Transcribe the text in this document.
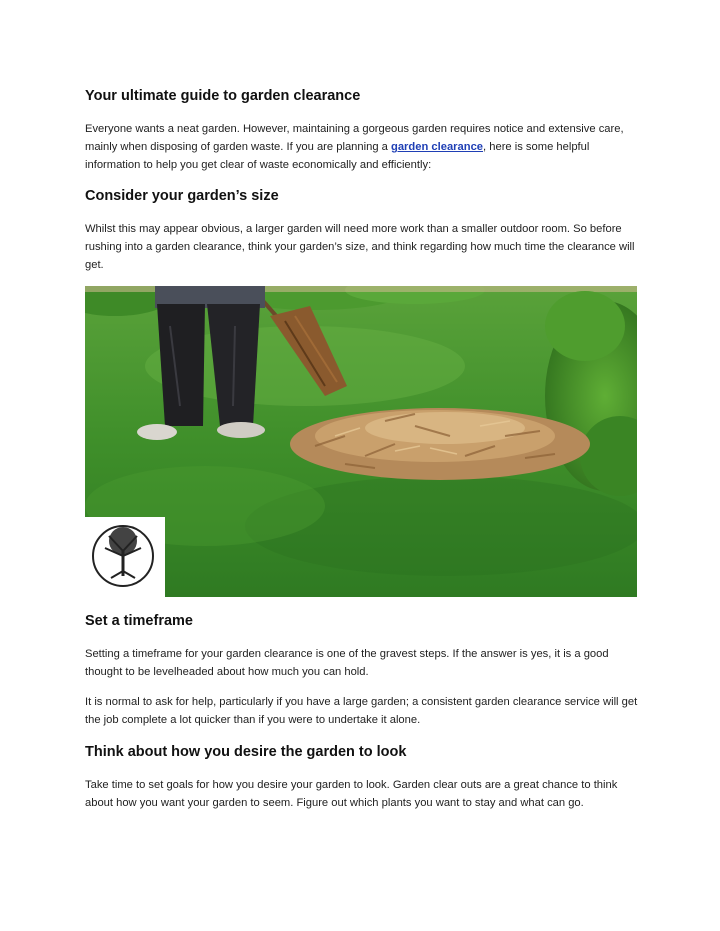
Your ultimate guide to garden clearance

Everyone wants a neat garden. However, maintaining a gorgeous garden requires notice and extensive care, mainly when disposing of garden waste. If you are planning a garden clearance, here is some helpful information to help you get clear of waste economically and efficiently:

Consider your garden’s size

Whilst this may appear obvious, a larger garden will need more work than a smaller outdoor room. So before rushing into a garden clearance, think your garden’s size, and think regarding how much time the clearance will get.

Set a timeframe

Setting a timeframe for your garden clearance is one of the gravest steps. If the answer is yes, it is a good thought to be levelheaded about how much you can hold.

It is normal to ask for help, particularly if you have a large garden; a consistent garden clearance service will get the job complete a lot quicker than if you were to undertake it alone.

Think about how you desire the garden to look

Take time to set goals for how you desire your garden to look. Garden clear outs are a great chance to think about how you want your garden to seem. Figure out which plants you want to stay and what can go.
